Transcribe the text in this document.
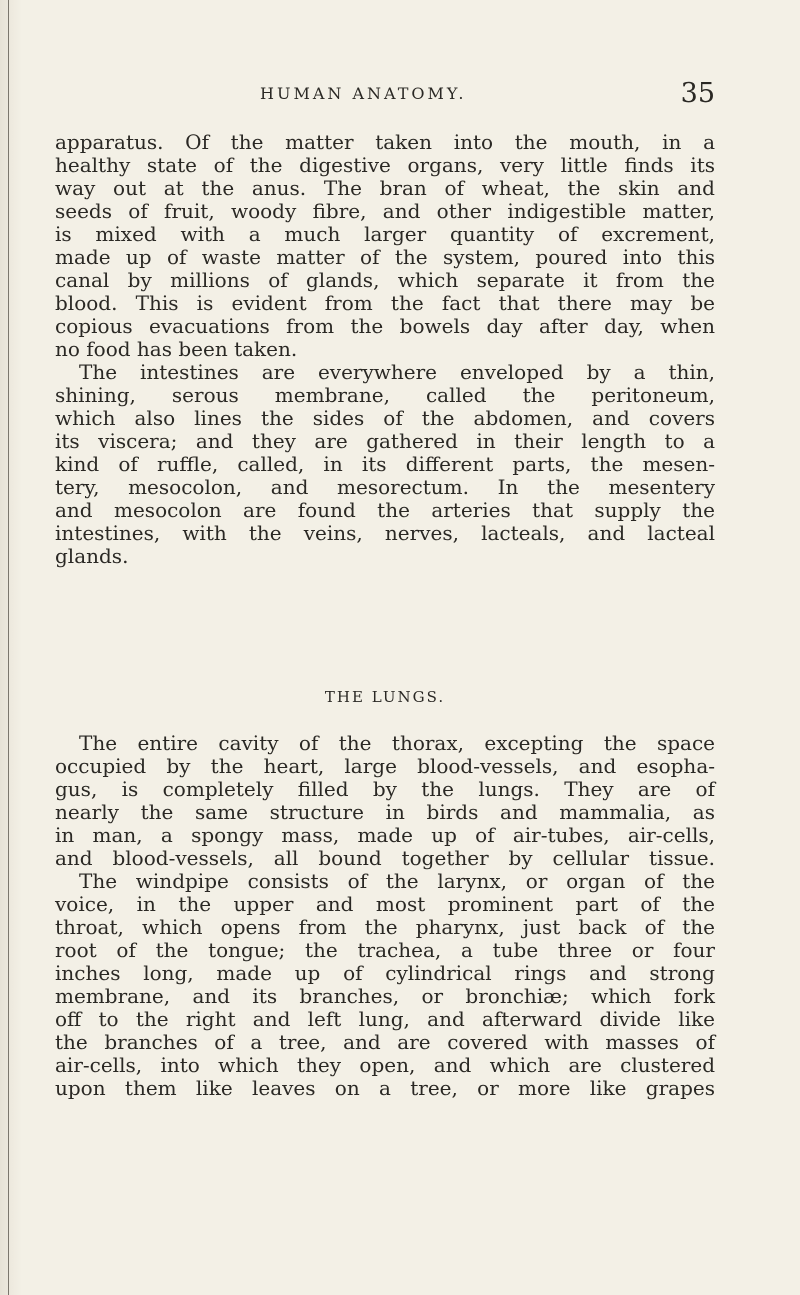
HUMAN ANATOMY.	35
apparatus. Of the matter taken into the mouth, in a
healthy state of the digestive organs, very little finds its
way out at the anus. The bran of wheat, the skin and
seeds of fruit, woody fibre, and other indigestible matter,
is mixed with a much larger quantity of excrement,
made up of waste matter of the system, poured into this
canal by millions of glands, which separate it from the
blood. This is evident from the fact that there may be
copious evacuations from the bowels day after day, when
no food has been taken.
The intestines are everywhere enveloped by a thin,
shining, serous membrane, called the peritoneum,
which also lines the sides of the abdomen, and covers
its viscera; and they are gathered in their length to a
kind of ruffle, called, in its different parts, the mesen-
tery, mesocolon, and mesorectum. In the mesentery
and mesocolon are found the arteries that supply the
intestines, with the veins, nerves, lacteals, and lacteal
glands.
THE LUNGS.
The entire cavity of the thorax, excepting the space
occupied by the heart, large blood-vessels, and esopha-
gus, is completely filled by the lungs. They are of
nearly the same structure in birds and mammalia, as
in man, a spongy mass, made up of air-tubes, air-cells,
and blood-vessels, all bound together by cellular tissue.
The windpipe consists of the larynx, or organ of the
voice, in the upper and most prominent part of the
throat, which opens from the pharynx, just back of the
root of the tongue; the trachea, a tube three or four
inches long, made up of cylindrical rings and strong
membrane, and its branches, or bronchiæ; which fork
off to the right and left lung, and afterward divide like
the branches of a tree, and are covered with masses of
air-cells, into which they open, and which are clustered
upon them like leaves on a tree, or more like grapes
